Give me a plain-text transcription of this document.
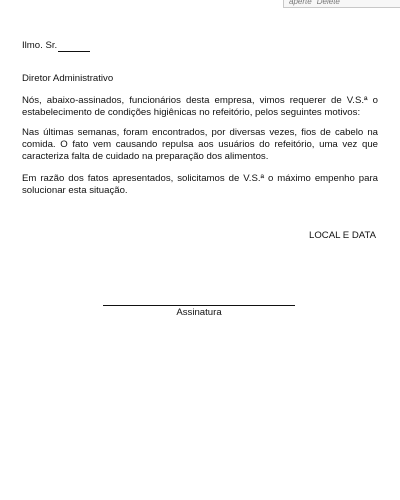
aperte "Delete"
Ilmo. Sr.
Diretor Administrativo
Nós, abaixo-assinados, funcionários desta empresa, vimos requerer de V.S.ª o estabelecimento de condições higiênicas no refeitório, pelos seguintes motivos:
Nas últimas semanas, foram encontrados, por diversas vezes, fios de cabelo na comida. O fato vem causando repulsa aos usuários do refeitório, uma vez que caracteriza falta de cuidado na preparação dos alimentos.
Em razão dos fatos apresentados, solicitamos de V.S.ª o máximo empenho para solucionar esta situação.
LOCAL E DATA
Assinatura
